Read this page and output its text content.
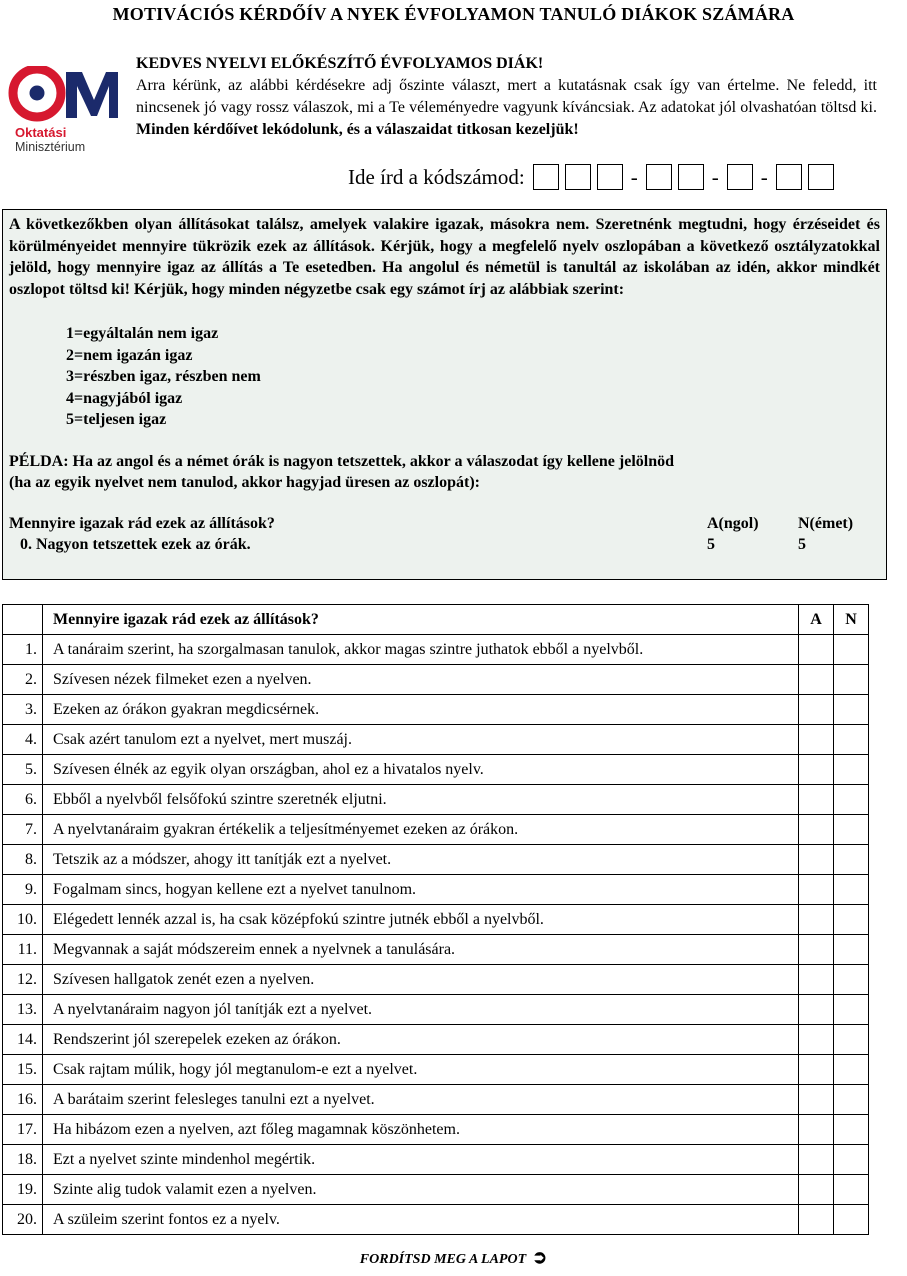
MOTIVÁCIÓS KÉRDŐÍV A NYEK ÉVFOLYAMON TANULÓ DIÁKOK SZÁMÁRA
Oktatási
Minisztérium
KEDVES NYELVI ELŐKÉSZÍTŐ ÉVFOLYAMOS DIÁK!
Arra kérünk, az alábbi kérdésekre adj őszinte választ, mert a kutatásnak csak így van értelme. Ne feledd, itt nincsenek jó vagy rossz válaszok, mi a Te véleményedre vagyunk kíváncsiak. Az adatokat jól olvashatóan töltsd ki. Minden kérdőívet lekódolunk, és a válaszaidat titkosan kezeljük!
Ide írd a kódszámod:	-	- -
A következőkben olyan állításokat találsz, amelyek valakire igazak, másokra nem. Szeretnénk megtudni, hogy érzéseidet és körülményeidet mennyire tükrözik ezek az állítások. Kérjük, hogy a megfelelő nyelv oszlopában a következő osztályzatokkal jelöld, hogy mennyire igaz az állítás a Te esetedben. Ha angolul és németül is tanultál az iskolában az idén, akkor mindkét oszlopot töltsd ki! Kérjük, hogy minden négyzetbe csak egy számot írj az alábbiak szerint:
1=egyáltalán nem igaz
2=nem igazán igaz
3=részben igaz, részben nem
4=nagyjából igaz
5=teljesen igaz
PÉLDA: Ha az angol és a német órák is nagyon tetszettek, akkor a válaszodat így kellene jelölnöd
(ha az egyik nyelvet nem tanulod, akkor hagyjad üresen az oszlopát):
Mennyire igazak rád ezek az állítások?	A(ngol) N(émet)
0. Nagyon tetszettek ezek az órák.	5	5
	Mennyire igazak rád ezek az állítások?	A	N
1.	A tanáraim szerint, ha szorgalmasan tanulok, akkor magas szintre juthatok ebből a nyelvből.		
2.	Szívesen nézek filmeket ezen a nyelven.		
3.	Ezeken az órákon gyakran megdicsérnek.		
4.	Csak azért tanulom ezt a nyelvet, mert muszáj.		
5.	Szívesen élnék az egyik olyan országban, ahol ez a hivatalos nyelv.		
6.	Ebből a nyelvből felsőfokú szintre szeretnék eljutni.		
7.	A nyelvtanáraim gyakran értékelik a teljesítményemet ezeken az órákon.		
8.	Tetszik az a módszer, ahogy itt tanítják ezt a nyelvet.		
9.	Fogalmam sincs, hogyan kellene ezt a nyelvet tanulnom.		
10.	Elégedett lennék azzal is, ha csak középfokú szintre jutnék ebből a nyelvből.		
11.	Megvannak a saját módszereim ennek a nyelvnek a tanulására.		
12.	Szívesen hallgatok zenét ezen a nyelven.		
13.	A nyelvtanáraim nagyon jól tanítják ezt a nyelvet.		
14.	Rendszerint jól szerepelek ezeken az órákon.		
15.	Csak rajtam múlik, hogy jól megtanulom-e ezt a nyelvet.		
16.	A barátaim szerint felesleges tanulni ezt a nyelvet.		
17.	Ha hibázom ezen a nyelven, azt főleg magamnak köszönhetem.		
18.	Ezt a nyelvet szinte mindenhol megértik.		
19.	Szinte alig tudok valamit ezen a nyelven.		
20.	A szüleim szerint fontos ez a nyelv.		
FORDÍTSD MEG A LAPOT ➲
